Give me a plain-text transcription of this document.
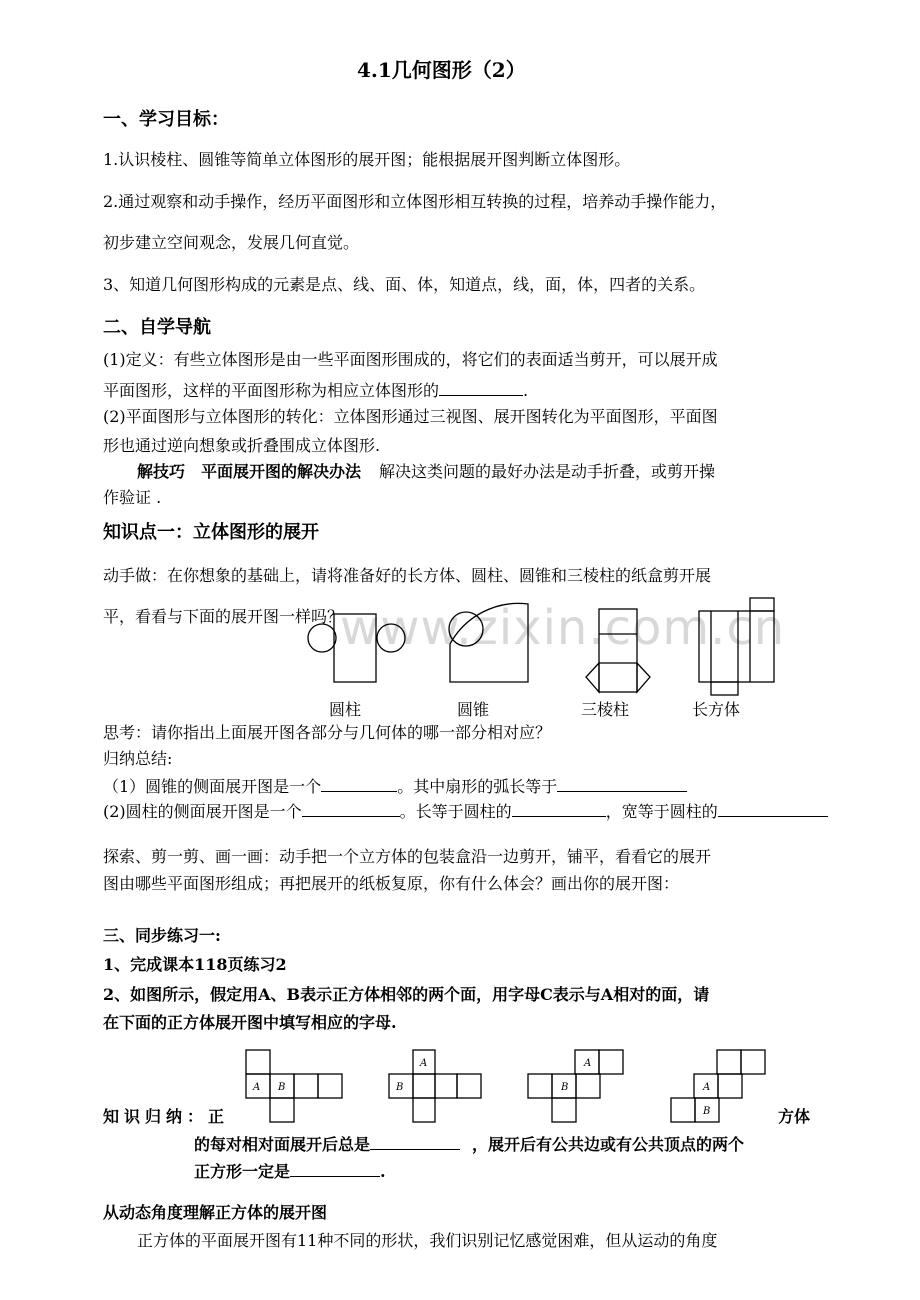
4.1几何图形（2）
一、学习目标：
1.认识棱柱、圆锥等简单立体图形的展开图；能根据展开图判断立体图形。
2.通过观察和动手操作，经历平面图形和立体图形相互转换的过程，培养动手操作能力，
初步建立空间观念，发展几何直觉。
3、知道几何图形构成的元素是点、线、面、体，知道点，线，面，体，四者的关系。
二、自学导航
(1)定义：有些立体图形是由一些平面图形围成的，将它们的表面适当剪开，可以展开成
平面图形，这样的平面图形称为相应立体图形的	.
(2)平面图形与立体图形的转化：立体图形通过三视图、展开图转化为平面图形，平面图
形也通过逆向想象或折叠围成立体图形.
解技巧 平面展开图的解决办法 解决这类问题的最好办法是动手折叠，或剪开操
作验证 .
知识点一：立体图形的展开
动手做：在你想象的基础上，请将准备好的长方体、圆柱、圆锥和三棱柱的纸盒剪开展
平，看看与下面的展开图一样吗？
www.zixin.com.cn
圆柱	圆锥	三棱柱	长方体
思考：请你指出上面展开图各部分与几何体的哪一部分相对应？
归纳总结:
（1）圆锥的侧面展开图是一个	。其中扇形的弧长等于
(2)圆柱的侧面展开图是一个	。长等于圆柱的	，宽等于圆柱的
探索、剪一剪、画一画：动手把一个立方体的包装盒沿一边剪开，铺平，看看它的展开
图由哪些平面图形组成；再把展开的纸板复原，你有什么体会？画出你的展开图：
三、同步练习一:
1、完成课本118页练习2
2、如图所示，假定用A、B表示正方体相邻的两个面，用字母C表示与A相对的面，请
在下面的正方体展开图中填写相应的字母.
A B
A
B
A
B	A
B
知识归纳：正	方体
的每对相对面展开后总是	，展开后有公共边或有公共顶点的两个
正方形一定是	.
从动态角度理解正方体的展开图
正方体的平面展开图有11种不同的形状，我们识别记忆感觉困难，但从运动的角度
